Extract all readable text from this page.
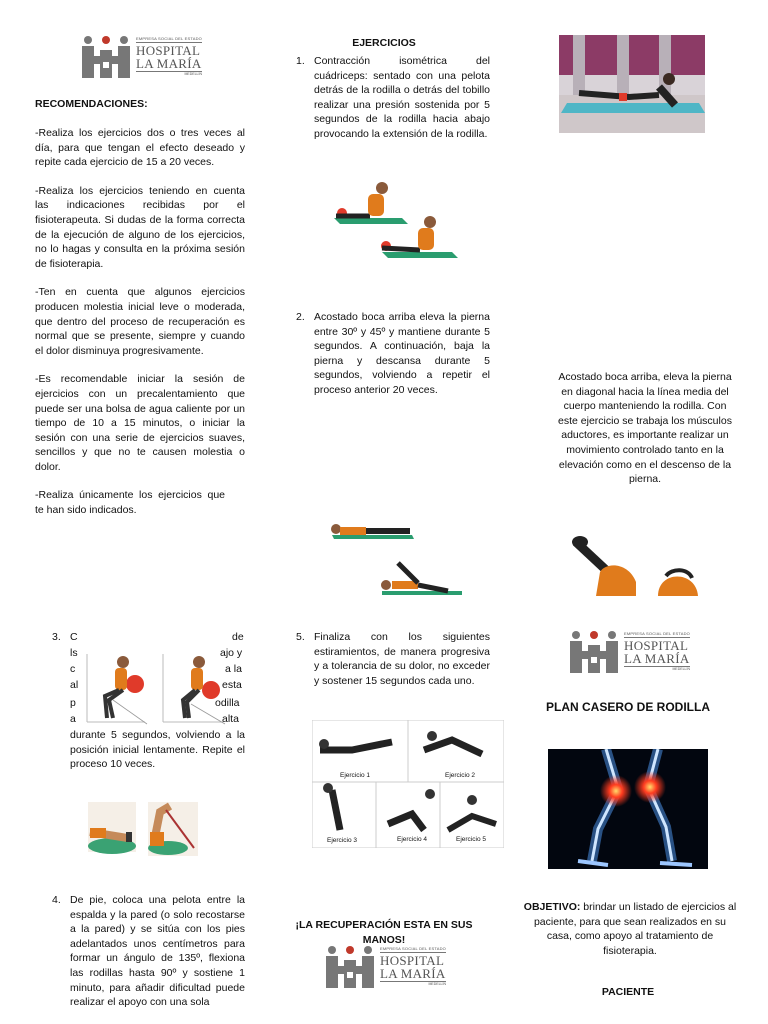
EMPRESA SOCIAL DEL ESTADO
HOSPITAL
LA MARÍA
MEDELLÍN
RECOMENDACIONES:

-Realiza los ejercicios dos o tres veces al día, para que tengan el efecto deseado y repite cada ejercicio de 15 a 20 veces.

-Realiza los ejercicios teniendo en cuenta las indicaciones recibidas por el fisioterapeuta. Si dudas de la forma correcta de la ejecución de alguno de los ejercicios, no lo hagas y consulta en la próxima sesión de fisioterapia.

-Ten en cuenta que algunos ejercicios producen molestia inicial leve o moderada, que dentro del proceso de recuperación es normal que se presente, siempre y cuando el dolor disminuya progresivamente.

-Es recomendable iniciar la sesión de ejercicios con un precalentamiento que puede ser una bolsa de agua caliente por un tiempo de 10 a 15 minutos, o iniciar la sesión con una serie de ejercicios suaves, sencillos y que no te causen molestia o dolor.

-Realiza únicamente los ejercicios que te han sido indicados.

3. C	de
ls	ajo y
c	a la
al	esta
p	odilla
a	alta
durante 5 segundos, volviendo a la posición inicial lentamente. Repite el proceso 10 veces.
4. De pie, coloca una pelota entre la espalda y la pared (o solo recostarse a la pared) y se sitúa con los pies adelantados unos centímetros para formar un ángulo de 135º, flexiona las rodillas hasta 90º y sostiene 1 minuto, para añadir dificultad puede realizar el apoyo con una sola
EJERCICIOS
1. Contracción isométrica del cuádriceps: sentado con una pelota detrás de la rodilla o detrás del tobillo realizar una presión sostenida por 5 segundos de la rodilla hacia abajo provocando la extensión de la rodilla.
2. Acostado boca arriba eleva la pierna entre 30º y 45º y mantiene durante 5 segundos. A continuación, baja la pierna y descansa durante 5 segundos, volviendo a repetir el proceso anterior 20 veces.
5. Finaliza con los siguientes estiramientos, de manera progresiva y a tolerancia de su dolor, no exceder y sostener 15 segundos cada uno.
Ejercicio 1	Ejercicio 2
Ejercicio 3	Ejercicio 4	Ejercicio 5
¡LA RECUPERACIÓN ESTA EN SUS MANOS!
EMPRESA SOCIAL DEL ESTADO
HOSPITAL
LA MARÍA
MEDELLÍN
Acostado boca arriba, eleva la pierna en diagonal hacia la línea media del cuerpo manteniendo la rodilla. Con este ejercicio se trabaja los músculos aductores, es importante realizar un movimiento controlado tanto en la elevación como en el descenso de la pierna.
EMPRESA SOCIAL DEL ESTADO
HOSPITAL
LA MARÍA
MEDELLÍN
PLAN CASERO DE RODILLA
OBJETIVO: brindar un listado de ejercicios al paciente, para que sean realizados en su casa, como apoyo al tratamiento de fisioterapia.
PACIENTE
